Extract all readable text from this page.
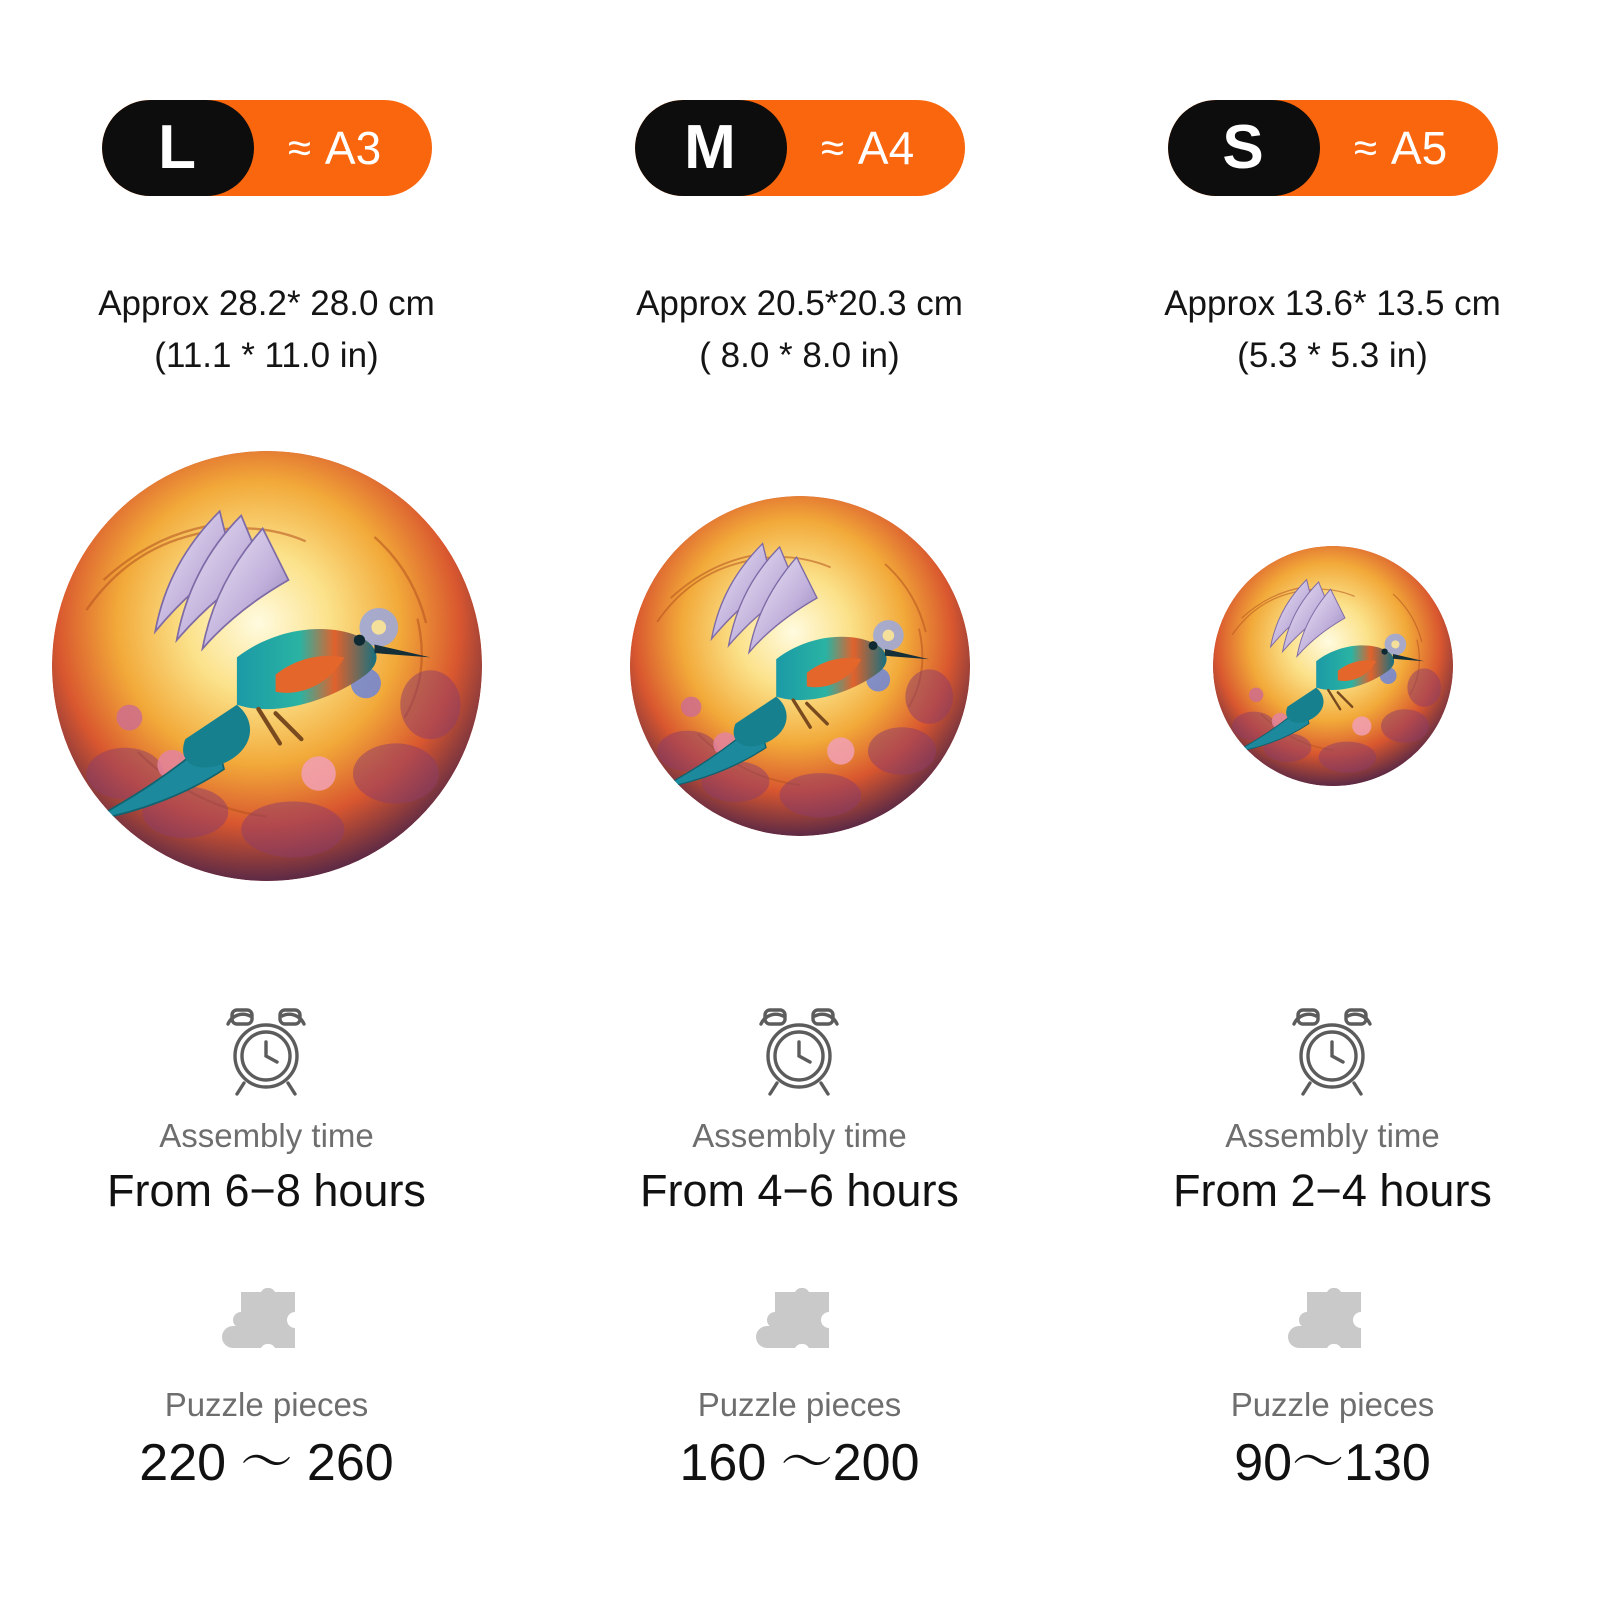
L ≈ A3
Approx 28.2* 28.0 cm
(11.1 * 11.0 in)
Assembly time
From 6−8 hours
Puzzle pieces
220 ～ 260
M ≈ A4
Approx 20.5*20.3 cm
( 8.0 * 8.0 in)
Assembly time
From 4−6 hours
Puzzle pieces
160 ～200
S ≈ A5
Approx 13.6* 13.5 cm
(5.3 * 5.3 in)
Assembly time
From 2−4 hours
Puzzle pieces
90～130
